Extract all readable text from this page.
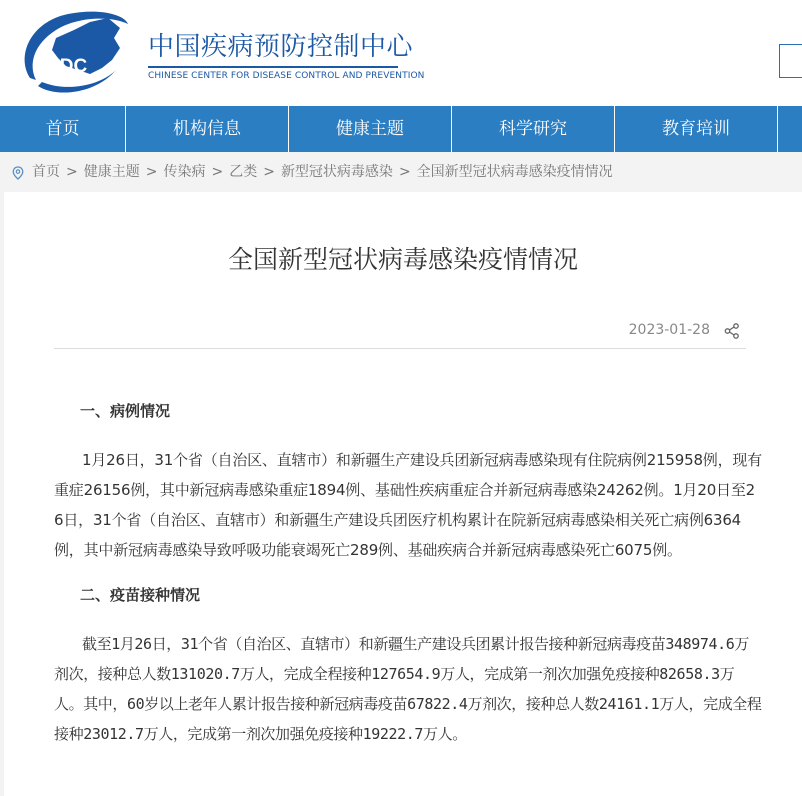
CDC
中国疾病预防控制中心
CHINESE CENTER FOR DISEASE CONTROL AND PREVENTION
首页	机构信息	健康主题	科学研究	教育培训
首页 > 健康主题 > 传染病 > 乙类 > 新型冠状病毒感染 > 全国新型冠状病毒感染疫情情况
全国新型冠状病毒感染疫情情况
2023-01-28
一、病例情况
1月26日，31个省（自治区、直辖市）和新疆生产建设兵团新冠病毒感染现有住院病例215958例，现有重症26156例，其中新冠病毒感染重症1894例、基础性疾病重症合并新冠病毒感染24262例。1月20日至26日，31个省（自治区、直辖市）和新疆生产建设兵团医疗机构累计在院新冠病毒感染相关死亡病例6364例，其中新冠病毒感染导致呼吸功能衰竭死亡289例、基础疾病合并新冠病毒感染死亡6075例。
二、疫苗接种情况
截至1月26日，31个省（自治区、直辖市）和新疆生产建设兵团累计报告接种新冠病毒疫苗348974.6万剂次，接种总人数131020.7万人，完成全程接种127654.9万人，完成第一剂次加强免疫接种82658.3万人。其中，60岁以上老年人累计报告接种新冠病毒疫苗67822.4万剂次，接种总人数24161.1万人，完成全程接种23012.7万人，完成第一剂次加强免疫接种19222.7万人。
